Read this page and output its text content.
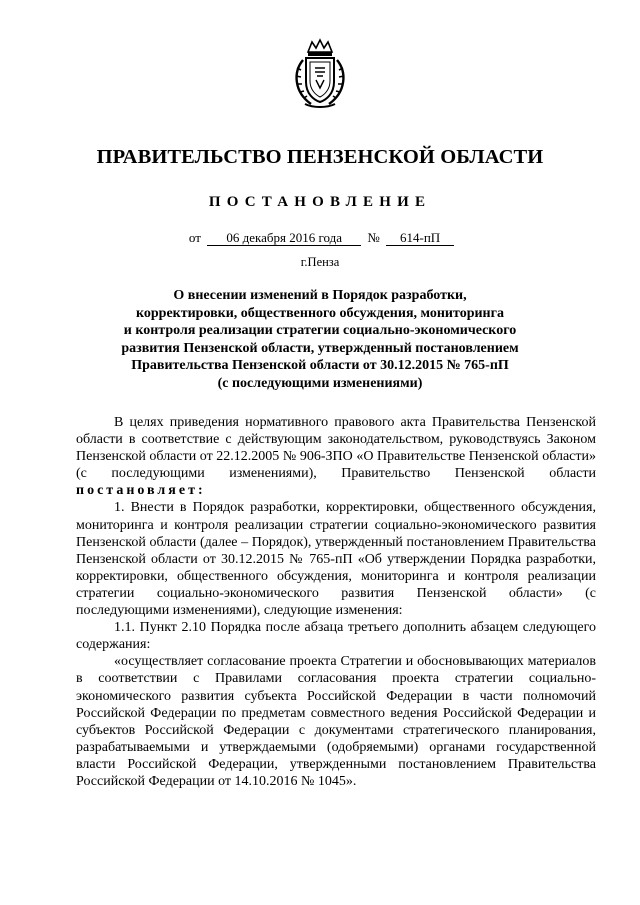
ПРАВИТЕЛЬСТВО ПЕНЗЕНСКОЙ ОБЛАСТИ
ПОСТАНОВЛЕНИЕ
от 06 декабря 2016 года № 614-пП
г.Пенза
О внесении изменений в Порядок разработки,
корректировки, общественного обсуждения, мониторинга
и контроля реализации стратегии социально-экономического
развития Пензенской области, утвержденный постановлением
Правительства Пензенской области от 30.12.2015 № 765-пП
(с последующими изменениями)

В целях приведения нормативного правового акта Правительства Пензенской области в соответствие с действующим законодательством, руководствуясь Законом Пензенской области от 22.12.2005 № 906-ЗПО «О Правительстве Пензенской области» (с последующими изменениями), Правительство Пензенской области постановляет:

1. Внести в Порядок разработки, корректировки, общественного обсуждения, мониторинга и контроля реализации стратегии социально-экономического развития Пензенской области (далее – Порядок), утвержденный постановлением Правительства Пензенской области от 30.12.2015 № 765-пП «Об утверждении Порядка разработки, корректировки, общественного обсуждения, мониторинга и контроля реализации стратегии социально-экономического развития Пензенской области» (с последующими изменениями), следующие изменения:

1.1. Пункт 2.10 Порядка после абзаца третьего дополнить абзацем следующего содержания:

«осуществляет согласование проекта Стратегии и обосновывающих материалов в соответствии с Правилами согласования проекта стратегии социально-экономического развития субъекта Российской Федерации в части полномочий Российской Федерации по предметам совместного ведения Российской Федерации и субъектов Российской Федерации с документами стратегического планирования, разрабатываемыми и утверждаемыми (одобряемыми) органами государственной власти Российской Федерации, утвержденными постановлением Правительства Российской Федерации от 14.10.2016 № 1045».
